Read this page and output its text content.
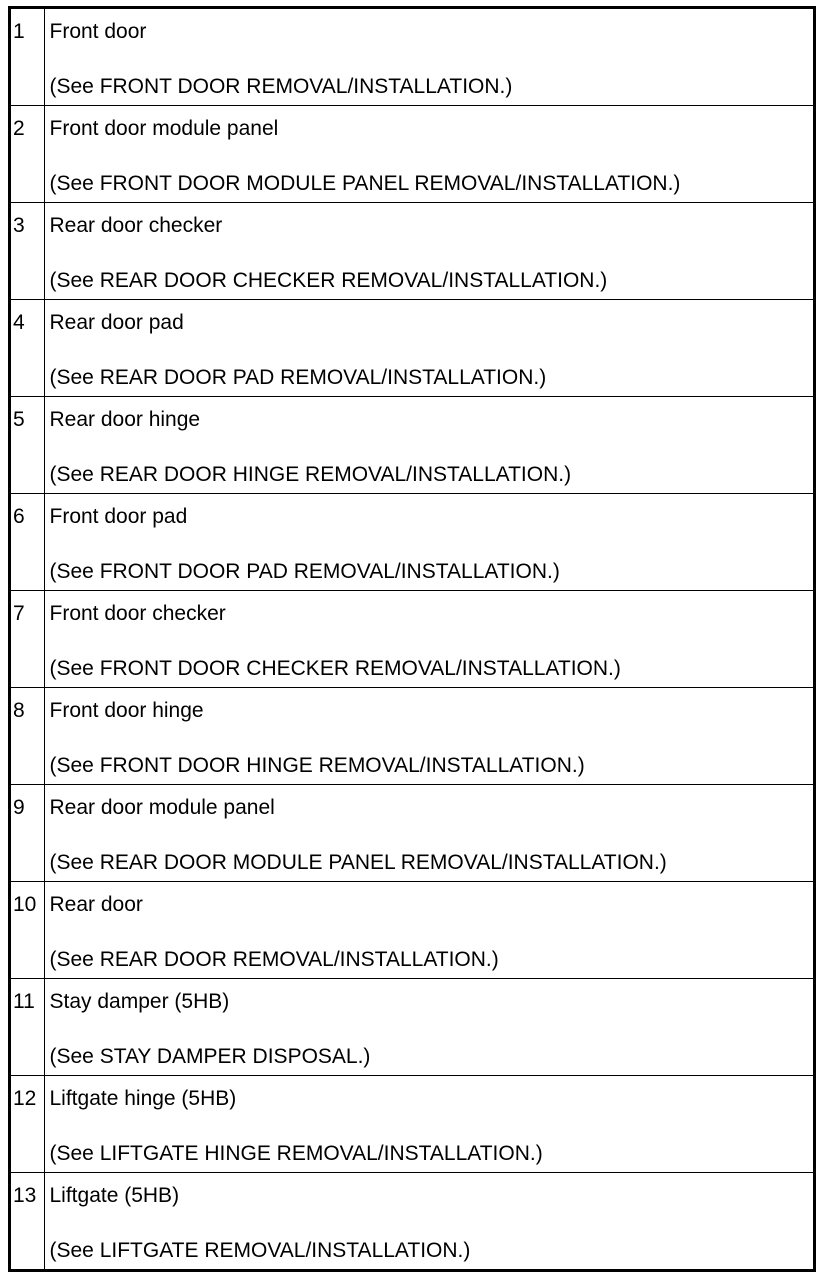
1	Front door
(See FRONT DOOR REMOVAL/INSTALLATION.)

2	Front door module panel
(See FRONT DOOR MODULE PANEL REMOVAL/INSTALLATION.)

3	Rear door checker
(See REAR DOOR CHECKER REMOVAL/INSTALLATION.)

4	Rear door pad
(See REAR DOOR PAD REMOVAL/INSTALLATION.)

5	Rear door hinge
(See REAR DOOR HINGE REMOVAL/INSTALLATION.)

6	Front door pad
(See FRONT DOOR PAD REMOVAL/INSTALLATION.)

7	Front door checker
(See FRONT DOOR CHECKER REMOVAL/INSTALLATION.)

8	Front door hinge
(See FRONT DOOR HINGE REMOVAL/INSTALLATION.)

9	Rear door module panel
(See REAR DOOR MODULE PANEL REMOVAL/INSTALLATION.)

10	Rear door
(See REAR DOOR REMOVAL/INSTALLATION.)

11	Stay damper (5HB)
(See STAY DAMPER DISPOSAL.)

12	Liftgate hinge (5HB)
(See LIFTGATE HINGE REMOVAL/INSTALLATION.)

13	Liftgate (5HB)
(See LIFTGATE REMOVAL/INSTALLATION.)
